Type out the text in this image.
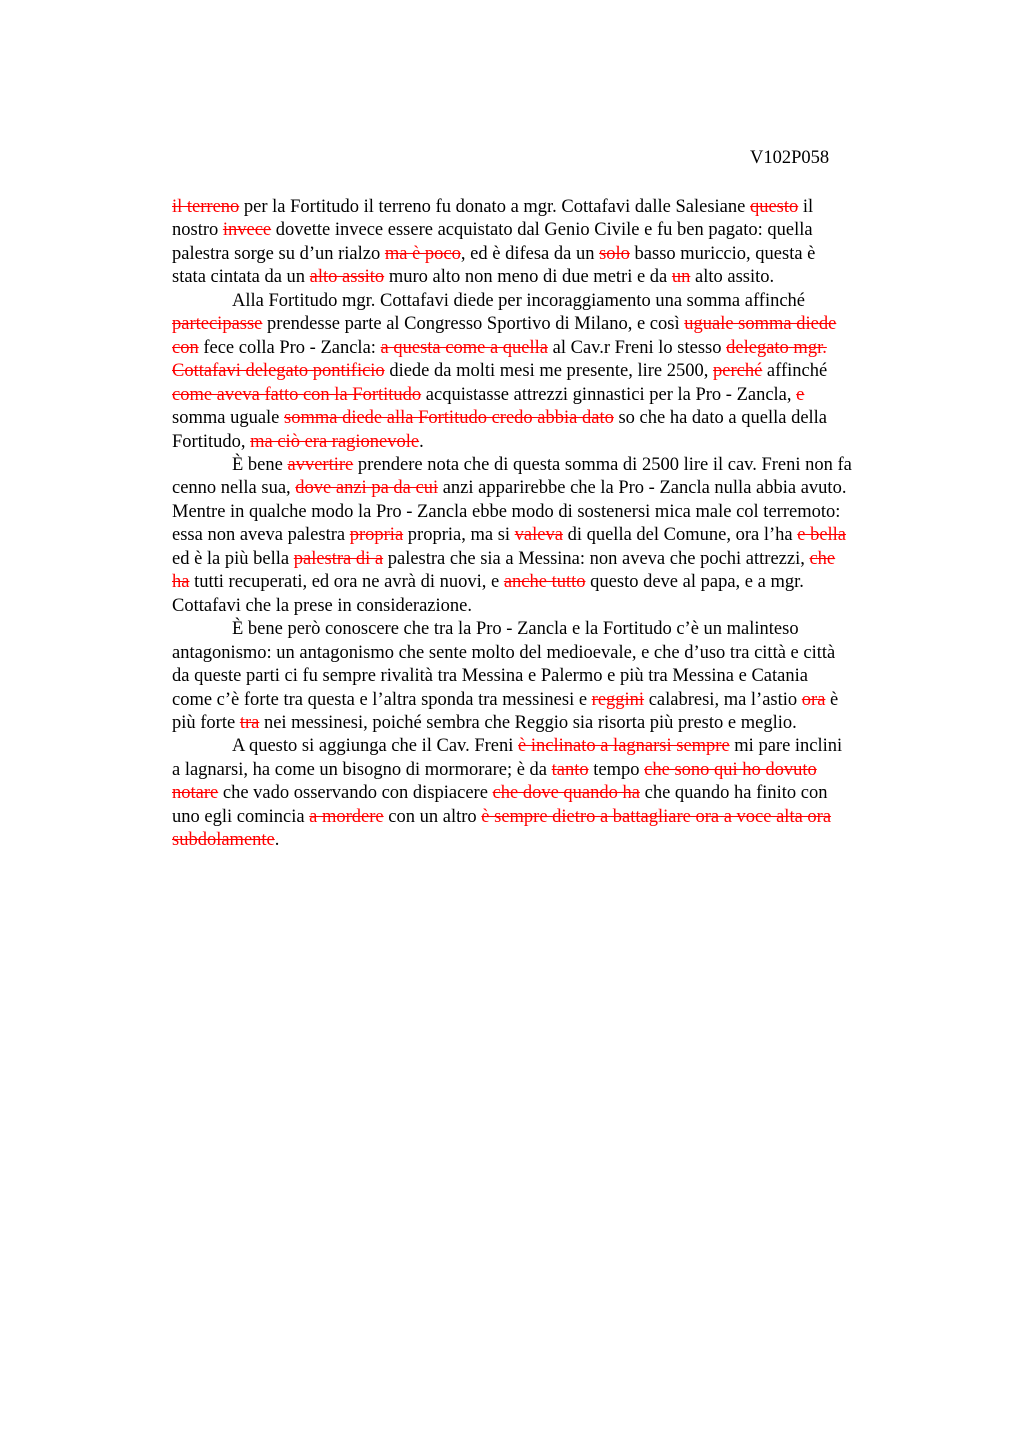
V102P058
il terreno per la Fortitudo il terreno fu donato a mgr. Cottafavi dalle Salesiane questo il
nostro invece dovette invece essere acquistato dal Genio Civile e fu ben pagato: quella
palestra sorge su d’un rialzo ma è poco, ed è difesa da un solo basso muriccio, questa è
stata cintata da un alto assito muro alto non meno di due metri e da un alto assito.
Alla Fortitudo mgr. Cottafavi diede per incoraggiamento una somma affinché
partecipasse prendesse parte al Congresso Sportivo di Milano, e così uguale somma diede
con fece colla Pro - Zancla: a questa come a quella al Cav.r Freni lo stesso delegato mgr.
Cottafavi delegato pontificio diede da molti mesi me presente, lire 2500, perché affinché
come aveva fatto con la Fortitudo acquistasse attrezzi ginnastici per la Pro - Zancla, e
somma uguale somma diede alla Fortitudo credo abbia dato so che ha dato a quella della
Fortitudo, ma ciò era ragionevole.
È bene avvertire prendere nota che di questa somma di 2500 lire il cav. Freni non fa
cenno nella sua, dove anzi pa da cui anzi apparirebbe che la Pro - Zancla nulla abbia avuto.
Mentre in qualche modo la Pro - Zancla ebbe modo di sostenersi mica male col terremoto:
essa non aveva palestra propria propria, ma si valeva di quella del Comune, ora l’ha e bella
ed è la più bella palestra di a palestra che sia a Messina: non aveva che pochi attrezzi, che
ha tutti recuperati, ed ora ne avrà di nuovi, e anche tutto questo deve al papa, e a mgr.
Cottafavi che la prese in considerazione.
È bene però conoscere che tra la Pro - Zancla e la Fortitudo c’è un malinteso
antagonismo: un antagonismo che sente molto del medioevale, e che d’uso tra città e città
da queste parti ci fu sempre rivalità tra Messina e Palermo e più tra Messina e Catania
come c’è forte tra questa e l’altra sponda tra messinesi e reggini calabresi, ma l’astio ora è
più forte tra nei messinesi, poiché sembra che Reggio sia risorta più presto e meglio.
A questo si aggiunga che il Cav. Freni è inclinato a lagnarsi sempre mi pare inclini
a lagnarsi, ha come un bisogno di mormorare; è da tanto tempo che sono qui ho dovuto
notare che vado osservando con dispiacere che dove quando ha che quando ha finito con
uno egli comincia a mordere con un altro è sempre dietro a battagliare ora a voce alta ora
subdolamente.
